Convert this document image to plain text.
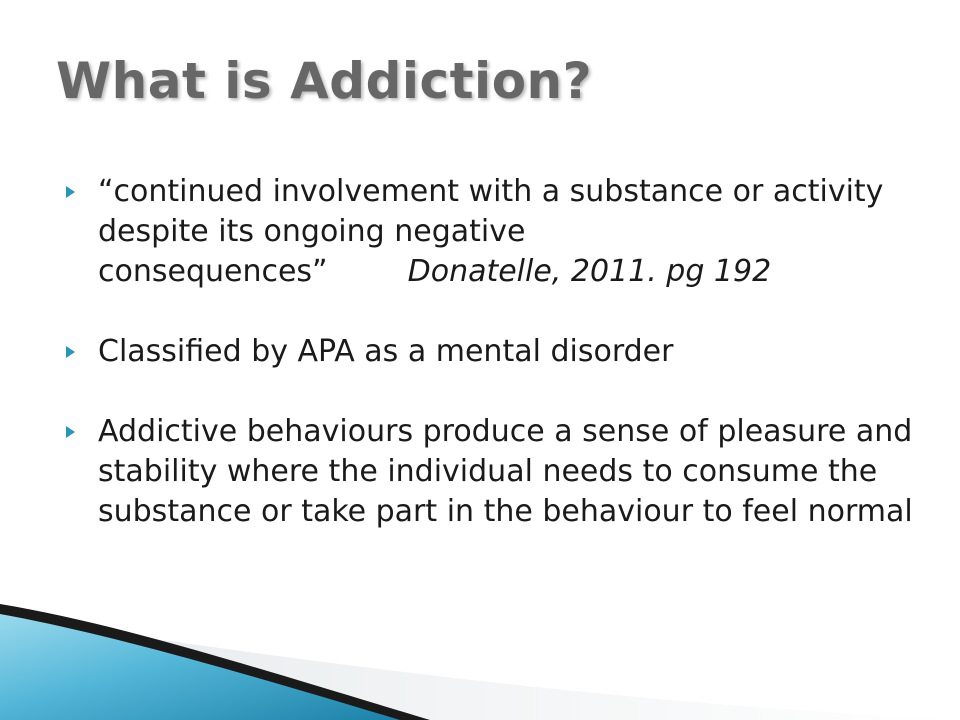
What is Addiction?
“continued involvement with a substance or activity despite its ongoing negative consequences”	Donatelle, 2011. pg 192
Classified by APA as a mental disorder
Addictive behaviours produce a sense of pleasure and stability where the individual needs to consume the substance or take part in the behaviour to feel normal
